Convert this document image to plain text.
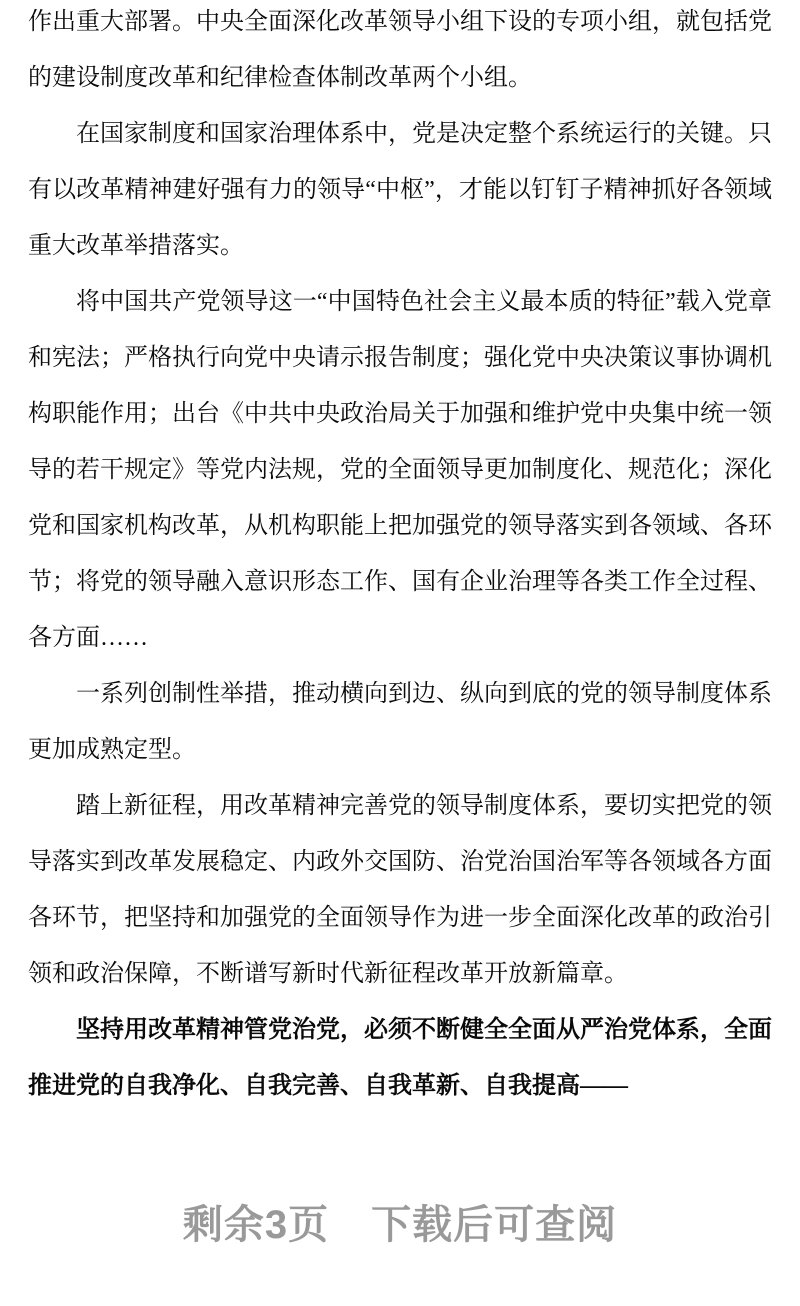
作出重大部署。中央全面深化改革领导小组下设的专项小组，就包括党的建设制度改革和纪律检查体制改革两个小组。

在国家制度和国家治理体系中，党是决定整个系统运行的关键。只有以改革精神建好强有力的领导“中枢”，才能以钉钉子精神抓好各领域重大改革举措落实。

将中国共产党领导这一“中国特色社会主义最本质的特征”载入党章和宪法；严格执行向党中央请示报告制度；强化党中央决策议事协调机构职能作用；出台《中共中央政治局关于加强和维护党中央集中统一领导的若干规定》等党内法规，党的全面领导更加制度化、规范化；深化党和国家机构改革，从机构职能上把加强党的领导落实到各领域、各环节；将党的领导融入意识形态工作、国有企业治理等各类工作全过程、各方面……

一系列创制性举措，推动横向到边、纵向到底的党的领导制度体系更加成熟定型。

踏上新征程，用改革精神完善党的领导制度体系，要切实把党的领导落实到改革发展稳定、内政外交国防、治党治国治军等各领域各方面各环节，把坚持和加强党的全面领导作为进一步全面深化改革的政治引领和政治保障，不断谱写新时代新征程改革开放新篇章。

坚持用改革精神管党治党，必须不断健全全面从严治党体系，全面推进党的自我净化、自我完善、自我革新、自我提高——

剩余3页 下载后可查阅
